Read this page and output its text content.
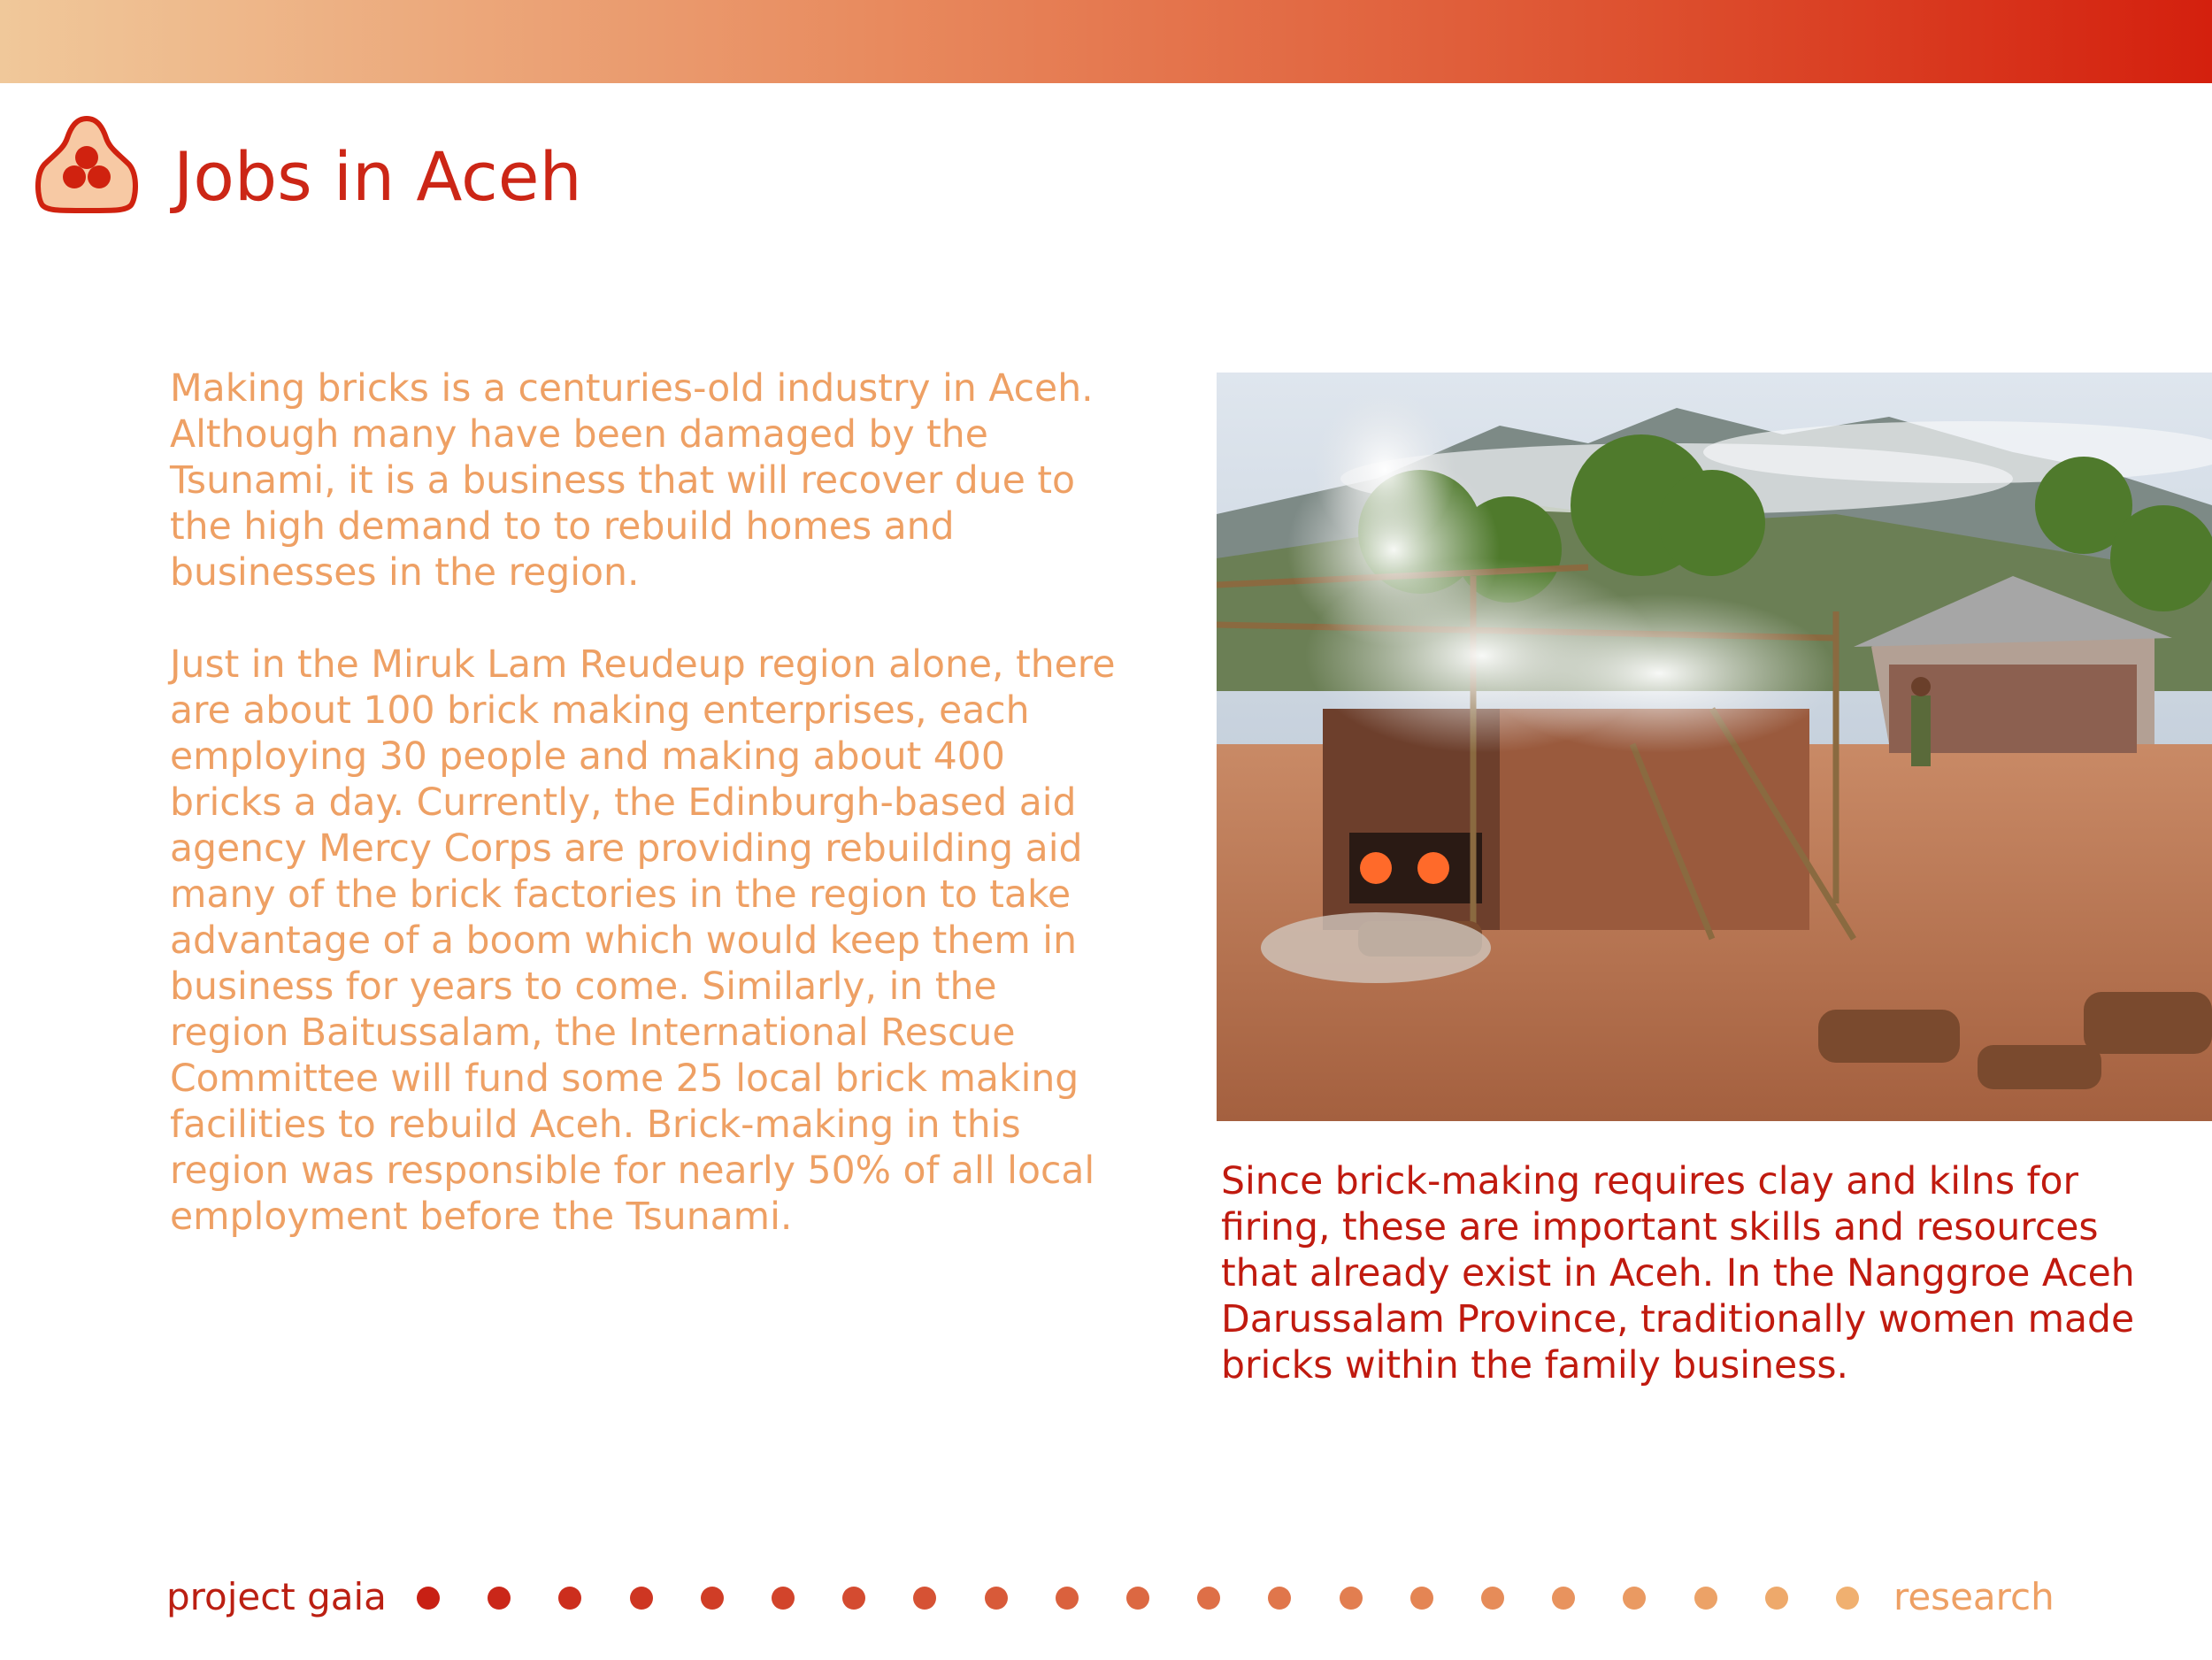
Jobs in Aceh

Making bricks is a centuries-old industry in Aceh. Although many have been damaged by the Tsunami, it is a business that will recover due to the high demand to to rebuild homes and businesses in the region.

Just in the Miruk Lam Reudeup region alone, there are about 100 brick making enterprises, each employing 30 people and making about 400 bricks a day. Currently, the Edinburgh-based aid agency Mercy Corps are providing rebuilding aid many of the brick factories in the region to take advantage of a boom which would keep them in business for years to come. Similarly, in the region Baitussalam, the International Rescue Committee will fund some 25 local brick making facilities to rebuild Aceh. Brick-making in this region was responsible for nearly 50% of all local employment before the Tsunami.

Since brick-making requires clay and kilns for firing, these are important skills and resources that already exist in Aceh. In the Nanggroe Aceh Darussalam Province, traditionally women made bricks within the family business.
project gaia	research
